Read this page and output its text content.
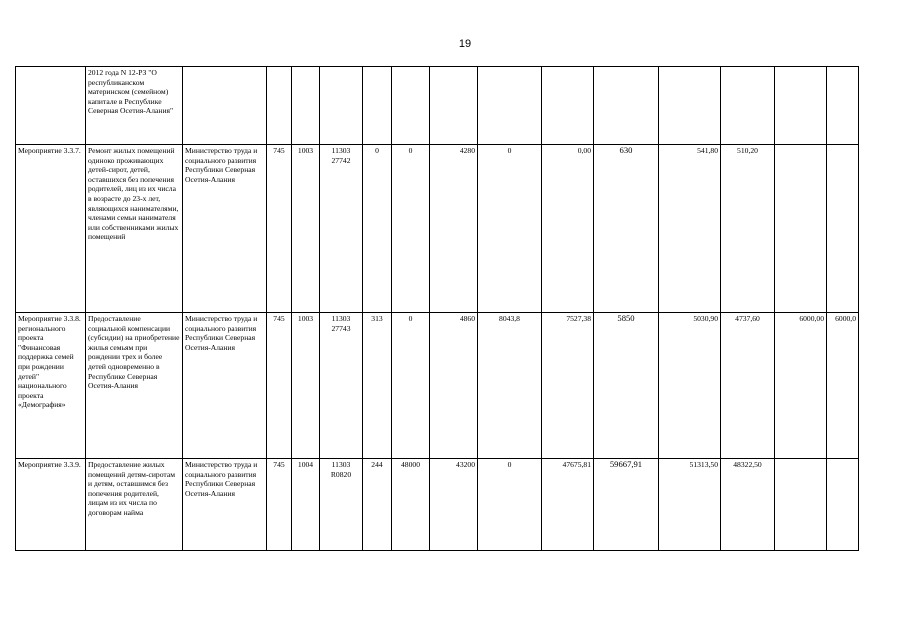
19
	2012 года N 12-РЗ "О республиканском материнском (семейном) капитале в Республике Северная Осетия-Алания"														
Мероприятие 3.3.7.	Ремонт жилых помещений одиноко проживающих детей-сирот, детей, оставшихся без попечения родителей, лиц из их числа в возрасте до 23-х лет, являющихся нанимателями, членами семьи нанимателя или собственниками жилых помещений	Министерство труда и социального развития Республики Северная Осетия-Алания	745	1003	11303 27742	0	0	4280	0	0,00	630	541,80	510,20		
Мероприятие 3.3.8. регионального проекта "Финансовая поддержка семей при рождении детей" национального проекта «Демография»	Предоставление социальной компенсации (субсидии) на приобретение жилья семьям при рождении трех и более детей одновременно в Республике Северная Осетия-Алания	Министерство труда и социального развития Республики Северная Осетия-Алания	745	1003	11303 27743	313	0	4860	8043,8	7527,38	5850	5030,90	4737,60	6000,00	6000,0
Мероприятие 3.3.9.	Предоставление жилых помещений детям-сиротам и детям, оставшимся без попечения родителей, лицам из их числа по договорам найма	Министерство труда и социального развития Республики Северная Осетия-Алания	745	1004	11303 R0820	244	48000	43200	0	47675,81	59667,91	51313,50	48322,50		
